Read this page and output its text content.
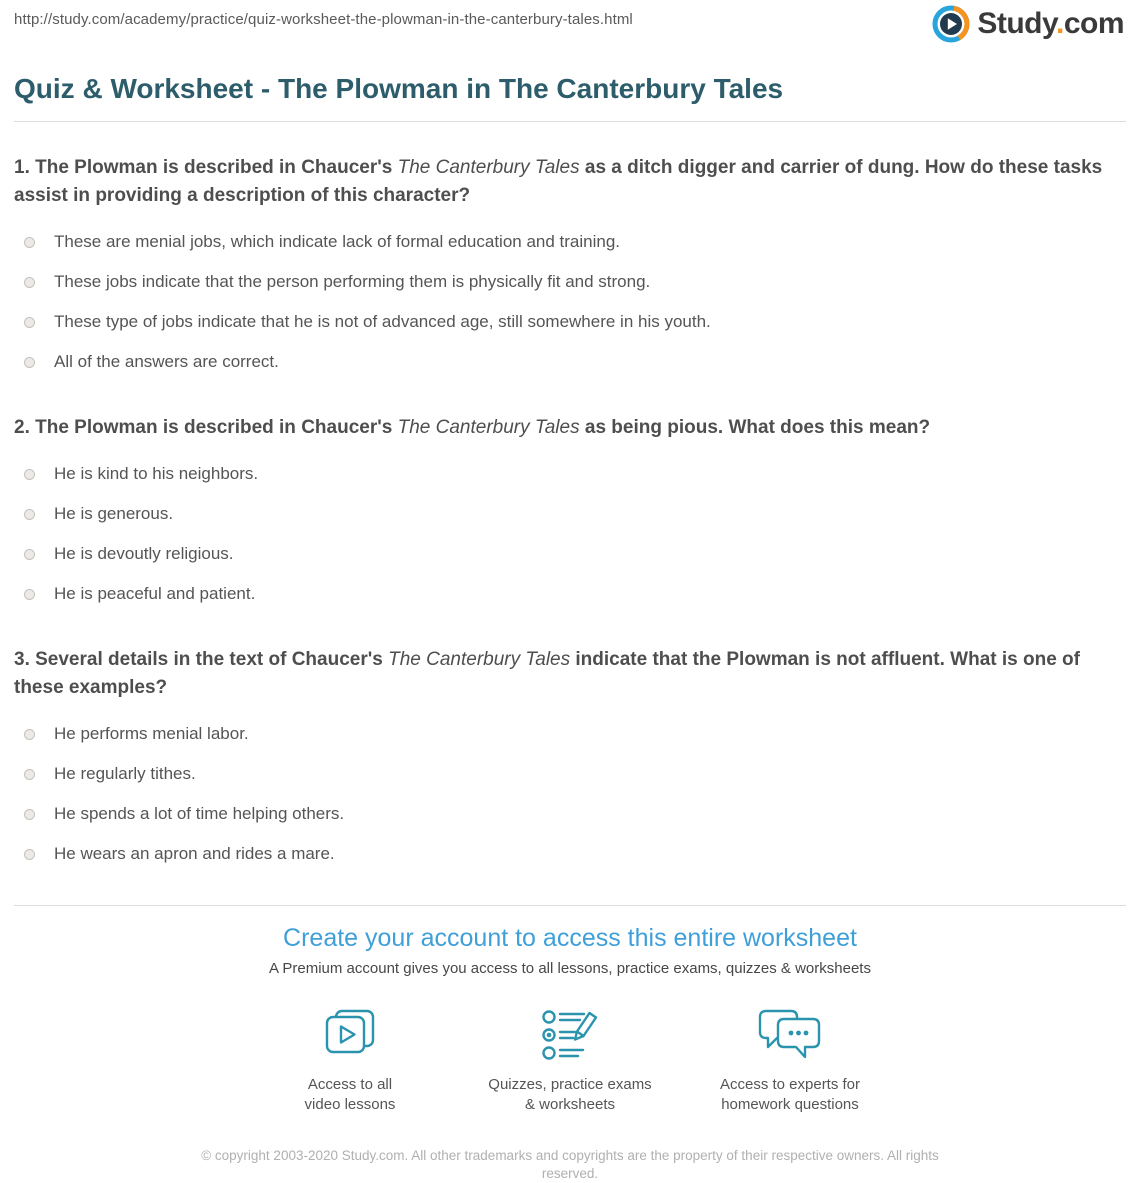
http://study.com/academy/practice/quiz-worksheet-the-plowman-in-the-canterbury-tales.html	Study.com
Quiz & Worksheet - The Plowman in The Canterbury Tales
1. The Plowman is described in Chaucer's The Canterbury Tales as a ditch digger and carrier of dung. How do these tasks assist in providing a description of this character?
These are menial jobs, which indicate lack of formal education and training.
These jobs indicate that the person performing them is physically fit and strong.
These type of jobs indicate that he is not of advanced age, still somewhere in his youth.
All of the answers are correct.
2. The Plowman is described in Chaucer's The Canterbury Tales as being pious. What does this mean?
He is kind to his neighbors.
He is generous.
He is devoutly religious.
He is peaceful and patient.
3. Several details in the text of Chaucer's The Canterbury Tales indicate that the Plowman is not affluent. What is one of these examples?
He performs menial labor.
He regularly tithes.
He spends a lot of time helping others.
He wears an apron and rides a mare.
Create your account to access this entire worksheet
A Premium account gives you access to all lessons, practice exams, quizzes & worksheets
Access to all
video lessons
Quizzes, practice exams
& worksheets
Access to experts for
homework questions
© copyright 2003-2020 Study.com. All other trademarks and copyrights are the property of their respective owners. All rights reserved.
